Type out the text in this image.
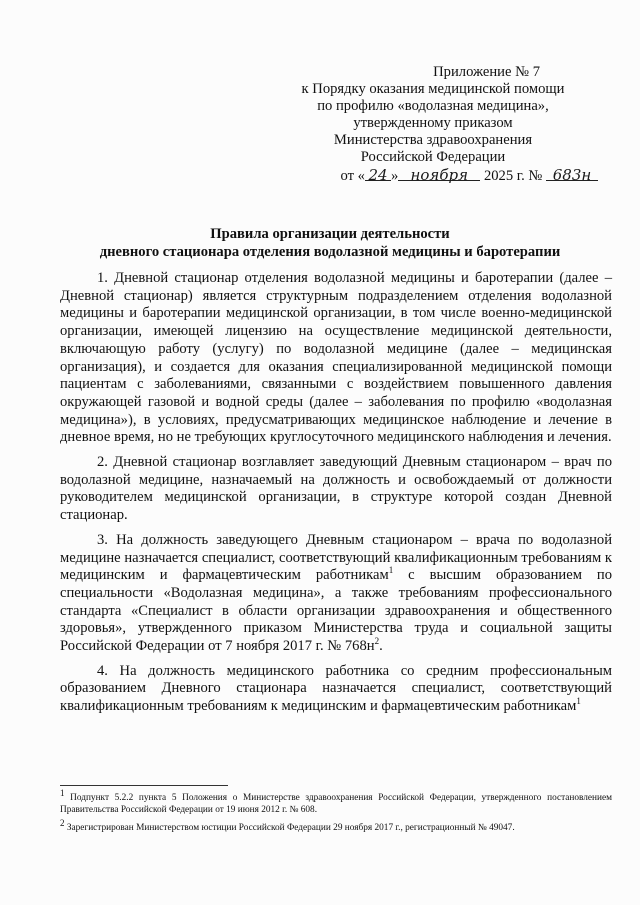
Приложение № 7
к Порядку оказания медицинской помощи
по профилю «водолазная медицина»,
утвержденному приказом
Министерства здравоохранения
Российской Федерации
от « 24 » ноября 2025 г. № 683н
Правила организации деятельности
дневного стационара отделения водолазной медицины и баротерапии

1. Дневной стационар отделения водолазной медицины и баротерапии (далее – Дневной стационар) является структурным подразделением отделения водолазной медицины и баротерапии медицинской организации, в том числе военно-медицинской организации, имеющей лицензию на осуществление медицинской деятельности, включающую работу (услугу) по водолазной медицине (далее – медицинская организация), и создается для оказания специализированной медицинской помощи пациентам с заболеваниями, связанными с воздействием повышенного давления окружающей газовой и водной среды (далее – заболевания по профилю «водолазная медицина»), в условиях, предусматривающих медицинское наблюдение и лечение в дневное время, но не требующих круглосуточного медицинского наблюдения и лечения.

2. Дневной стационар возглавляет заведующий Дневным стационаром – врач по водолазной медицине, назначаемый на должность и освобождаемый от должности руководителем медицинской организации, в структуре которой создан Дневной стационар.

3. На должность заведующего Дневным стационаром – врача по водолазной медицине назначается специалист, соответствующий квалификационным требованиям к медицинским и фармацевтическим работникам$^1$ с высшим образованием по специальности «Водолазная медицина», а также требованиям профессионального стандарта «Специалист в области организации здравоохранения и общественного здоровья», утвержденного приказом Министерства труда и социальной защиты Российской Федерации от 7 ноября 2017 г. № $768н^2$.

4. На должность медицинского работника со средним профессиональным образованием Дневного стационара назначается специалист, соответствующий квалификационным требованиям к медицинским и фармацевтическим работникам$^1$

$^1$ Подпункт 5.2.2 пункта 5 Положения о Министерстве здравоохранения Российской Федерации, утвержденного постановлением Правительства Российской Федерации от 19 июня 2012 г. № 608.
$^2$ Зарегистрирован Министерством юстиции Российской Федерации 29 ноября 2017 г., регистрационный № 49047.
